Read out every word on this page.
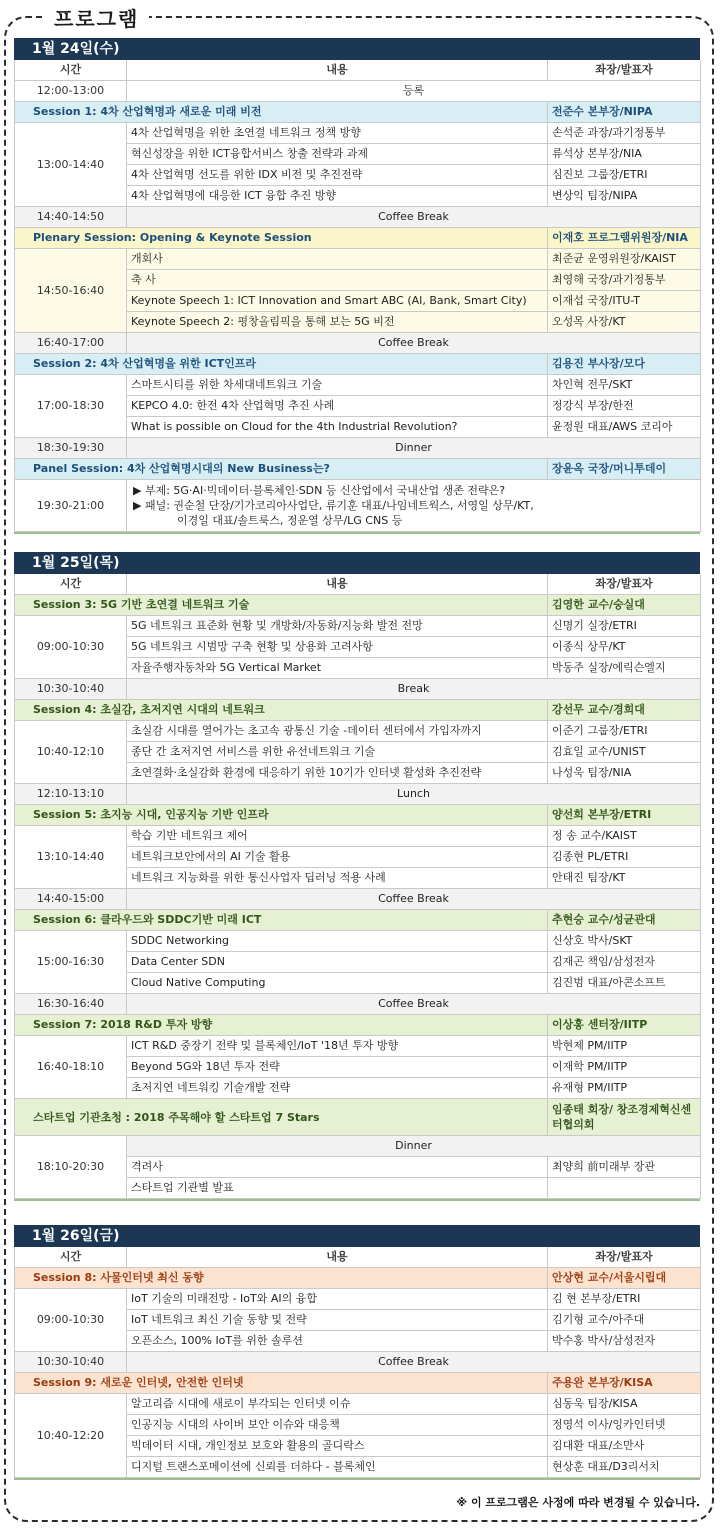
프로그램
1월 24일(수)
시간	내용	좌장/발표자
12:00-13:00	등록	
Session 1: 4차 산업혁명과 새로운 미래 비전		전준수 본부장/NIPA
13:00-14:40	4차 산업혁명을 위한 초연결 네트워크 정책 방향	손석준 과장/과기정통부
	혁신성장을 위한 ICT융합서비스 창출 전략과 과제	류석상 본부장/NIA
	4차 산업혁명 선도를 위한 IDX 비전 및 추진전략	심진보 그룹장/ETRI
	4차 산업혁명에 대응한 ICT 융합 추진 방향	변상익 팀장/NIPA
14:40-14:50	Coffee Break	
Plenary Session: Opening & Keynote Session		이재호 프로그램위원장/NIA
14:50-16:40	개회사	최준균 운영위원장/KAIST
	축 사	최영해 국장/과기정통부
	Keynote Speech 1: ICT Innovation and Smart ABC (AI, Bank, Smart City)	이재섭 국장/ITU-T
	Keynote Speech 2: 평창올림픽을 통해 보는 5G 비전	오성목 사장/KT
16:40-17:00	Coffee Break	
Session 2: 4차 산업혁명을 위한 ICT인프라		김용진 부사장/모다
17:00-18:30	스마트시티를 위한 차세대네트워크 기술	차인혁 전무/SKT
	KEPCO 4.0: 한전 4차 산업혁명 추진 사례	정강식 부장/한전
	What is possible on Cloud for the 4th Industrial Revolution?	윤정원 대표/AWS 코리아
18:30-19:30	Dinner	
Panel Session: 4차 산업혁명시대의 New Business는?		장윤옥 국장/머니투데이
19:30-21:00	▶ 부제: 5G·AI·빅데이터·블록체인·SDN 등 신산업에서 국내산업 생존 전략은?
▶ 패널: 권순철 단장/기가코리아사업단, 류기훈 대표/나임네트웍스, 서영일 상무/KT,
이경일 대표/솔트룩스, 정운열 상무/LG CNS 등	
1월 25일(목)
시간	내용	좌장/발표자
Session 3: 5G 기반 초연결 네트워크 기술		김영한 교수/숭실대
09:00-10:30	5G 네트워크 표준화 현황 및 개방화/자동화/지능화 발전 전망	신명기 실장/ETRI
	5G 네트워크 시범망 구축 현황 및 상용화 고려사항	이종식 상무/KT
	자율주행자동차와 5G Vertical Market	박동주 실장/에릭슨엘지
10:30-10:40	Break	
Session 4: 초실감, 초저지연 시대의 네트워크		강선무 교수/경희대
10:40-12:10	초실감 시대를 열어가는 초고속 광통신 기술 -데이터 센터에서 가입자까지	이준기 그룹장/ETRI
	종단 간 초저지연 서비스를 위한 유선네트워크 기술	김효일 교수/UNIST
	초연결화·초실감화 환경에 대응하기 위한 10기가 인터넷 활성화 추진전략	나성욱 팀장/NIA
12:10-13:10	Lunch	
Session 5: 초지능 시대, 인공지능 기반 인프라		양선희 본부장/ETRI
13:10-14:40	학습 기반 네트워크 제어	정 송 교수/KAIST
	네트워크보안에서의 AI 기술 활용	김종현 PL/ETRI
	네트워크 지능화를 위한 통신사업자 딥러닝 적용 사례	안태진 팀장/KT
14:40-15:00	Coffee Break	
Session 6: 클라우드와 SDDC기반 미래 ICT		추현승 교수/성균관대
15:00-16:30	SDDC Networking	신상호 박사/SKT
	Data Center SDN	김재곤 책임/삼성전자
	Cloud Native Computing	김진범 대표/아콘소프트
16:30-16:40	Coffee Break	
Session 7: 2018 R&D 투자 방향		이상홍 센터장/IITP
16:40-18:10	ICT R&D 중장기 전략 및 블록체인/IoT '18년 투자 방향	박현제 PM/IITP
	Beyond 5G와 18년 투자 전략	이재학 PM/IITP
	초저지연 네트워킹 기술개발 전략	유재형 PM/IITP
스타트업 기관초청 : 2018 주목해야 할 스타트업 7 Stars		임종태 회장/ 창조경제혁신센터협의회
18:10-20:30	Dinner	
	격려사	최양희 前미래부 장관
	스타트업 기관별 발표	
1월 26일(금)
시간	내용	좌장/발표자
Session 8: 사물인터넷 최신 동향		안상현 교수/서울시립대
09:00-10:30	IoT 기술의 미래전망 - IoT와 AI의 융합	김 현 본부장/ETRI
	IoT 네트워크 최신 기술 동향 및 전략	김기형 교수/아주대
	오픈소스, 100% IoT를 위한 솔루션	박수홍 박사/삼성전자
10:30-10:40	Coffee Break	
Session 9: 새로운 인터넷, 안전한 인터넷		주용완 본부장/KISA
10:40-12:20	알고리즘 시대에 새로이 부각되는 인터넷 이슈	심동욱 팀장/KISA
	인공지능 시대의 사이버 보안 이슈와 대응책	정영석 이사/잉카인터넷
	빅데이터 시대, 개인정보 보호와 활용의 골디락스	김대환 대표/소만사
	디지털 트랜스포메이션에 신뢰를 더하다 - 블록체인	현상훈 대표/D3리서치
※ 이 프로그램은 사정에 따라 변경될 수 있습니다.
